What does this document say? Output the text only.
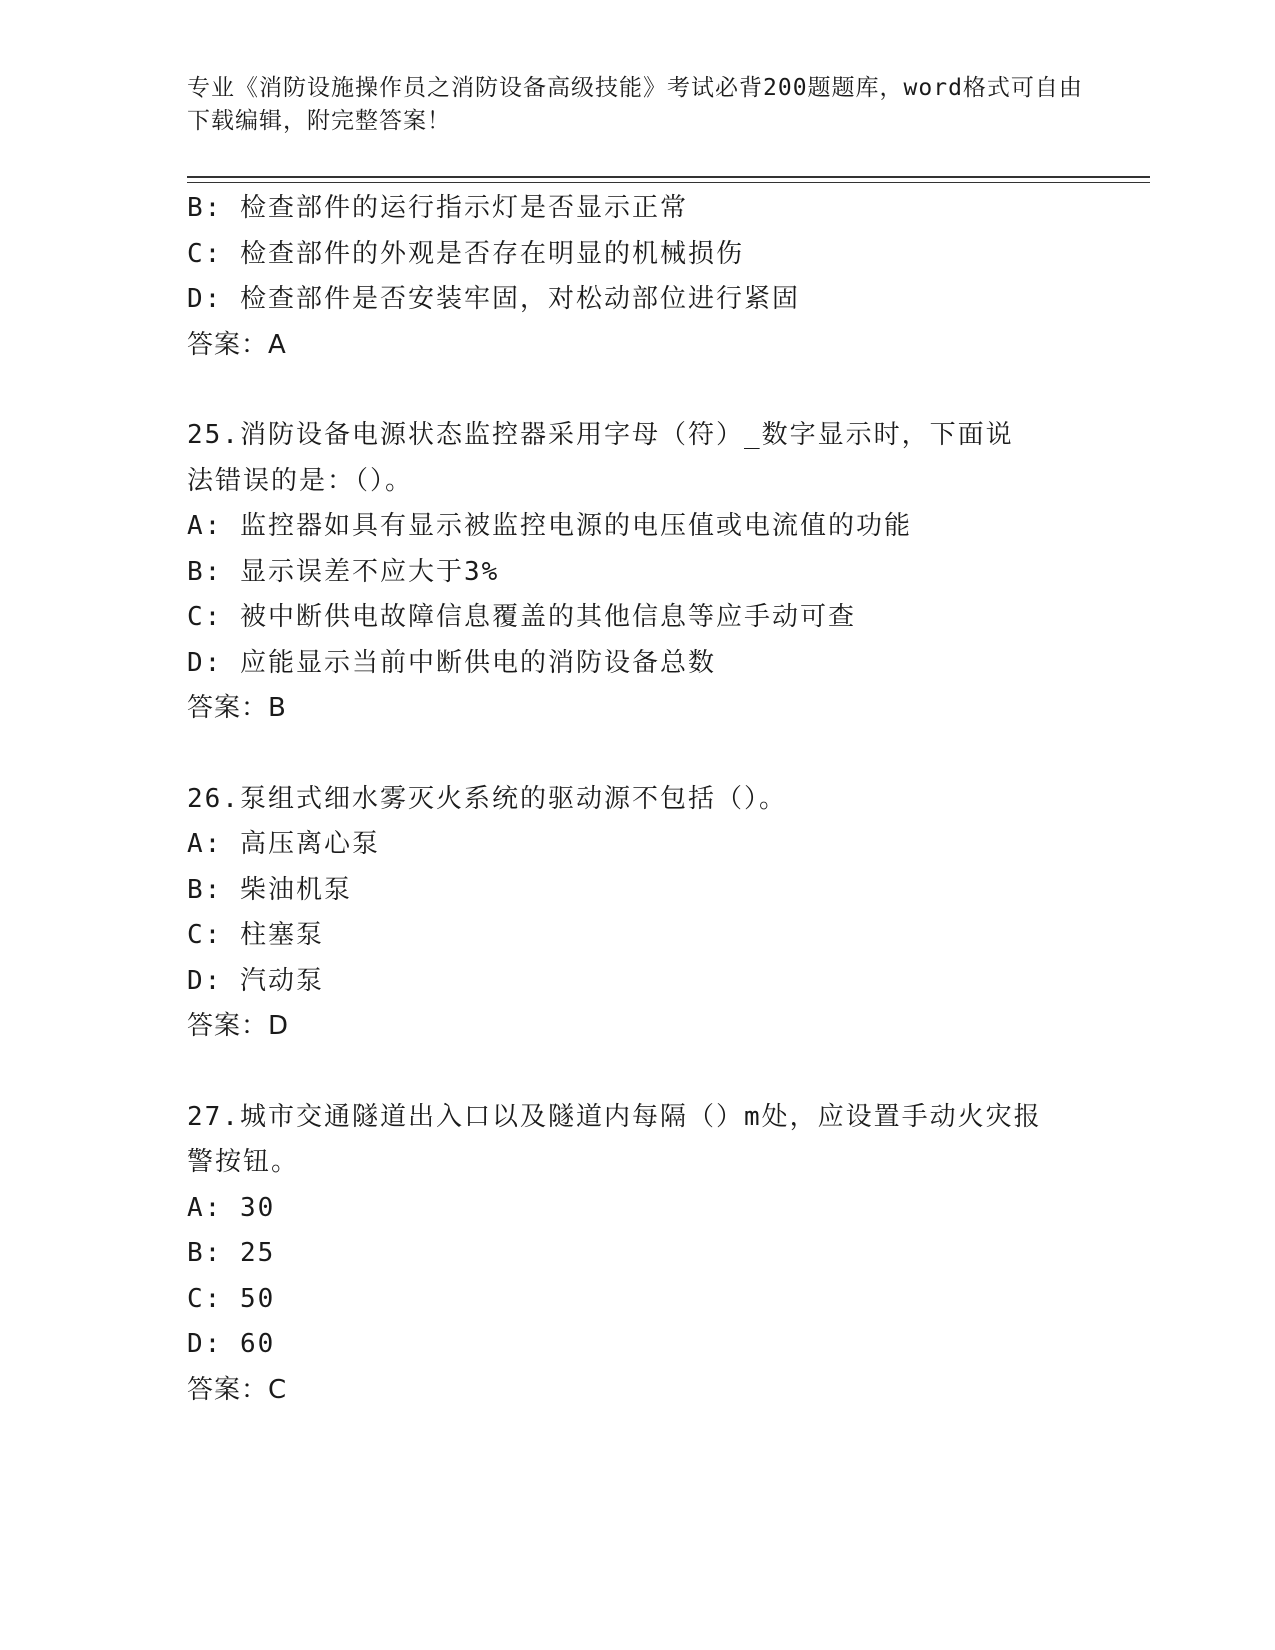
专业《消防设施操作员之消防设备高级技能》考试必背200题题库，word格式可自由下载编辑，附完整答案！
B: 检查部件的运行指示灯是否显示正常
C: 检查部件的外观是否存在明显的机械损伤
D: 检查部件是否安装牢固，对松动部位进行紧固
答案：A
25.消防设备电源状态监控器采用字母（符）_数字显示时，下面说法错误的是：（）。
A: 监控器如具有显示被监控电源的电压值或电流值的功能
B: 显示误差不应大于3%
C: 被中断供电故障信息覆盖的其他信息等应手动可查
D: 应能显示当前中断供电的消防设备总数
答案：B
26.泵组式细水雾灭火系统的驱动源不包括（）。
A: 高压离心泵
B: 柴油机泵
C: 柱塞泵
D: 汽动泵
答案：D
27.城市交通隧道出入口以及隧道内每隔（）m处，应设置手动火灾报警按钮。
A: 30
B: 25
C: 50
D: 60
答案：C
